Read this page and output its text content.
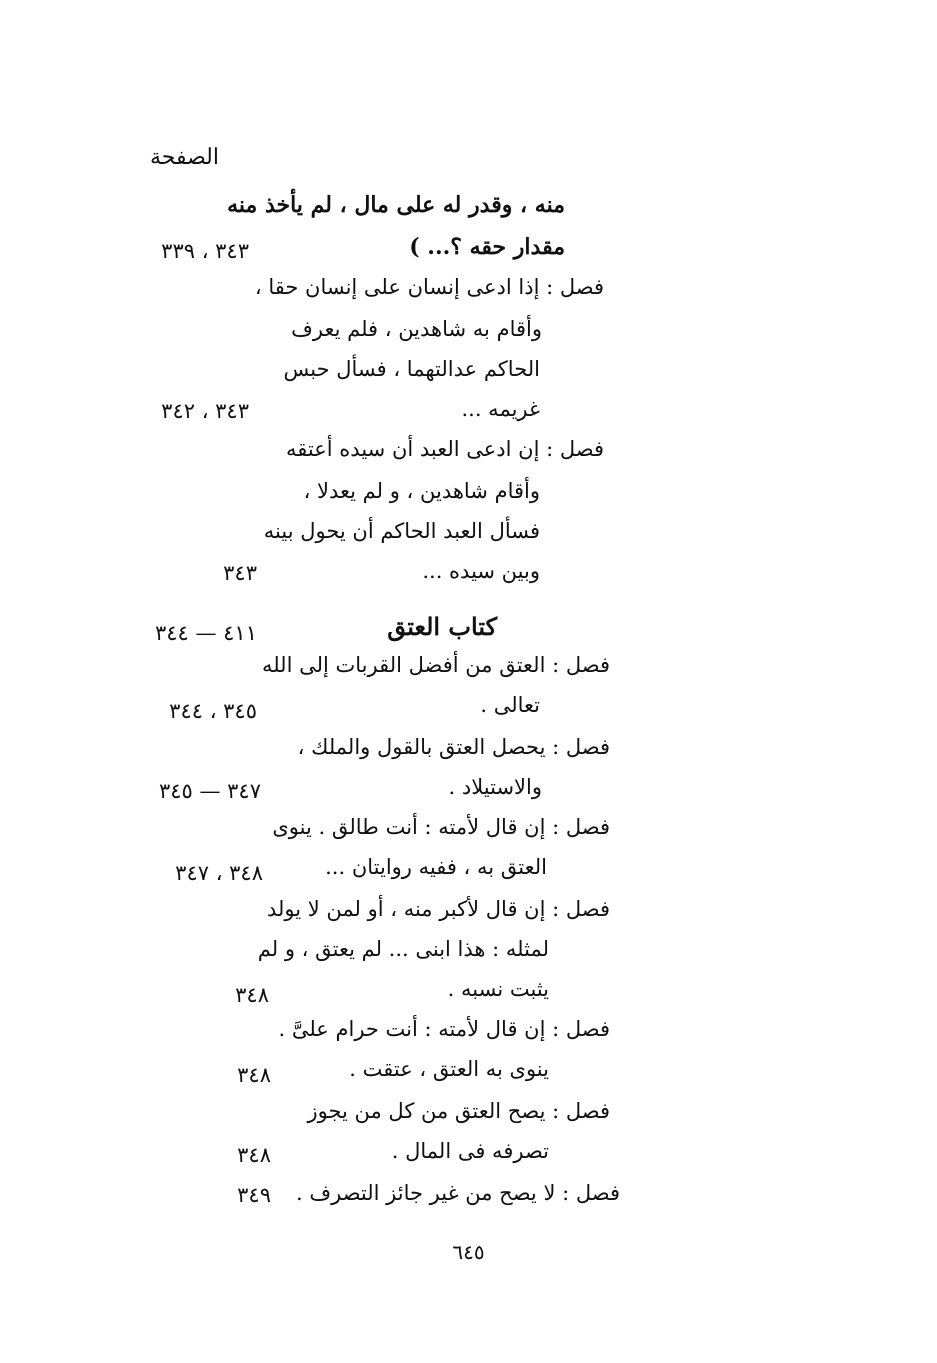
الصفحة
منه ، وقدر له على مال ، لم يأخذ منه
مقدار حقه ؟... )
فصل : إذا ادعى إنسان على إنسان حقا ،
وأقام به شاهدين ، فلم يعرف
الحاكم عدالتهما ، فسأل حبس
غريمه ...
فصل : إن ادعى العبد أن سيده أعتقه
وأقام شاهدين ، و لم يعدلا ،
فسأل العبد الحاكم أن يحول بينه
وبين سيده ...
كتاب العتق
فصل : العتق من أفضل القربات إلى الله
تعالى .
فصل : يحصل العتق بالقول والملك ،
والاستيلاد .
فصل : إن قال لأمته : أنت طالق . ينوى
العتق به ، ففيه روايتان ...
فصل : إن قال لأكبر منه ، أو لمن لا يولد
لمثله : هذا ابنى ... لم يعتق ، و لم
يثبت نسبه .
فصل : إن قال لأمته : أنت حرام علىَّ .
ينوى به العتق ، عتقت .
فصل : يصح العتق من كل من يجوز
تصرفه فى المال .
فصل : لا يصح من غير جائز التصرف .
٣٤٣ ، ٣٣٩
٣٤٣ ، ٣٤٢
٣٤٣
٤١١ — ٣٤٤
٣٤٥ ، ٣٤٤
٣٤٧ — ٣٤٥
٣٤٨ ، ٣٤٧
٣٤٨
٣٤٨
٣٤٨
٣٤٩
٦٤٥
